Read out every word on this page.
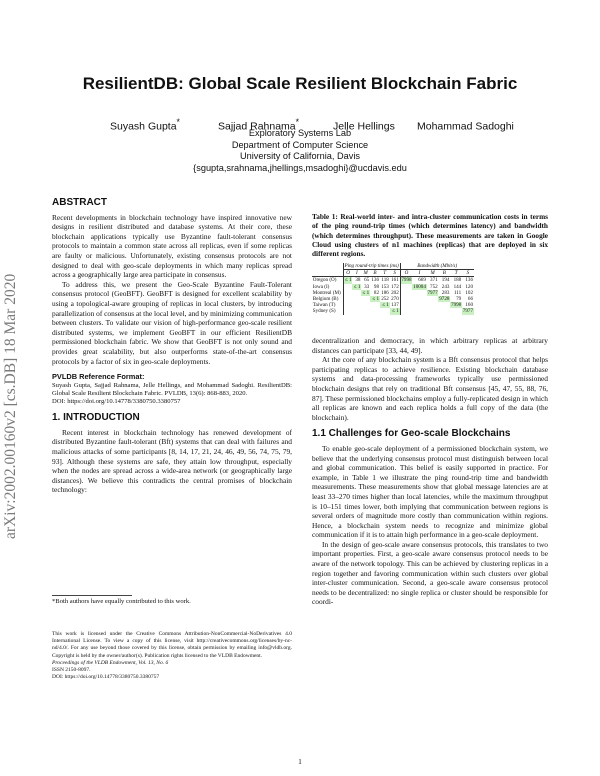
arXiv:2002.00160v2 [cs.DB] 18 Mar 2020
ResilientDB: Global Scale Resilient Blockchain Fabric
Suyash Gupta*	Sajjad Rahnama*	Jelle Hellings Mohammad Sadoghi
Exploratory Systems Lab
Department of Computer Science
University of California, Davis
{sgupta,srahnama,jhellings,msadoghi}@ucdavis.edu
ABSTRACT

Recent developments in blockchain technology have inspired innovative new designs in resilient distributed and database systems. At their core, these blockchain applications typically use Byzantine fault-tolerant consensus protocols to maintain a common state across all replicas, even if some replicas are faulty or malicious. Unfortunately, existing consensus protocols are not designed to deal with geo-scale deployments in which many replicas spread across a geographically large area participate in consensus.

To address this, we present the Geo-Scale Byzantine Fault-Tolerant consensus protocol (GeoBFT). GeoBFT is designed for excellent scalability by using a topological-aware grouping of replicas in local clusters, by introducing parallelization of consensus at the local level, and by minimizing communication between clusters. To validate our vision of high-performance geo-scale resilient distributed systems, we implement GeoBFT in our efficient ResilientDB permissioned blockchain fabric. We show that GeoBFT is not only sound and provides great scalability, but also outperforms state-of-the-art consensus protocols by a factor of six in geo-scale deployments.

PVLDB Reference Format:

Suyash Gupta, Sajjad Rahnama, Jelle Hellings, and Mohammad Sadoghi. ResilientDB: Global Scale Resilient Blockchain Fabric. PVLDB, 13(6): 868-883, 2020.

DOI: https://doi.org/10.14778/3380750.3380757

1. INTRODUCTION

Recent interest in blockchain technology has renewed development of distributed Byzantine fault-tolerant (Bft) systems that can deal with failures and malicious attacks of some participants [8, 14, 17, 21, 24, 46, 49, 56, 74, 75, 79, 93]. Although these systems are safe, they attain low throughput, especially when the nodes are spread across a wide-area network (or geographically large distances). We believe this contradicts the central promises of blockchain technology:

*Both authors have equally contributed to this work.

This work is licensed under the Creative Commons Attribution-NonCommercial-NoDerivatives 4.0 International License. To view a copy of this license, visit http://creativecommons.org/licenses/by-nc-nd/4.0/. For any use beyond those covered by this license, obtain permission by emailing info@vldb.org. Copyright is held by the owner/author(s). Publication rights licensed to the VLDB Endowment.

Proceedings of the VLDB Endowment, Vol. 13, No. 6

ISSN 2150-8097.

DOI: https://doi.org/10.14778/3380750.3380757

Table 1: Real-world inter- and intra-cluster communication costs in terms of the ping round-trip times (which determines latency) and bandwidth (which determines throughput). These measurements are taken in Google Cloud using clusters of n1 machines (replicas) that are deployed in six different regions.
	Ping round-trip times (ms)						Bandwidth (Mbit/s)					
	O	I	M	B	T	S	O	I	M	B	T	S
Oregon (O)	≤ 1	38	65	136	118	161	7998	669	371	194	188	136
Iowa (I)		≤ 1	33	98	153	172		10004	752	243	144	120
Montreal (M)			≤ 1	82	186	202			7977	283	111	102
Belgium (B)				≤ 1	252	270				9728	79	66
Taiwan (T)					≤ 1	137					7998	160
Sydney (S)						≤ 1						7977

decentralization and democracy, in which arbitrary replicas at arbitrary distances can participate [33, 44, 49].

At the core of any blockchain system is a Bft consensus protocol that helps participating replicas to achieve resilience. Existing blockchain database systems and data-processing frameworks typically use permissioned blockchain designs that rely on traditional Bft consensus [45, 47, 55, 88, 76, 87]. These permissioned blockchains employ a fully-replicated design in which all replicas are known and each replica holds a full copy of the data (the blockchain).

1.1 Challenges for Geo-scale Blockchains

To enable geo-scale deployment of a permissioned blockchain system, we believe that the underlying consensus protocol must distinguish between local and global communication. This belief is easily supported in practice. For example, in Table 1 we illustrate the ping round-trip time and bandwidth measurements. These measurements show that global message latencies are at least 33–270 times higher than local latencies, while the maximum throughput is 10–151 times lower, both implying that communication between regions is several orders of magnitude more costly than communication within regions. Hence, a blockchain system needs to recognize and minimize global communication if it is to attain high performance in a geo-scale deployment.

In the design of geo-scale aware consensus protocols, this translates to two important properties. First, a geo-scale aware consensus protocol needs to be aware of the network topology. This can be achieved by clustering replicas in a region together and favoring communication within such clusters over global inter-cluster communication. Second, a geo-scale aware consensus protocol needs to be decentralized: no single replica or cluster should be responsible for coordi-

1
